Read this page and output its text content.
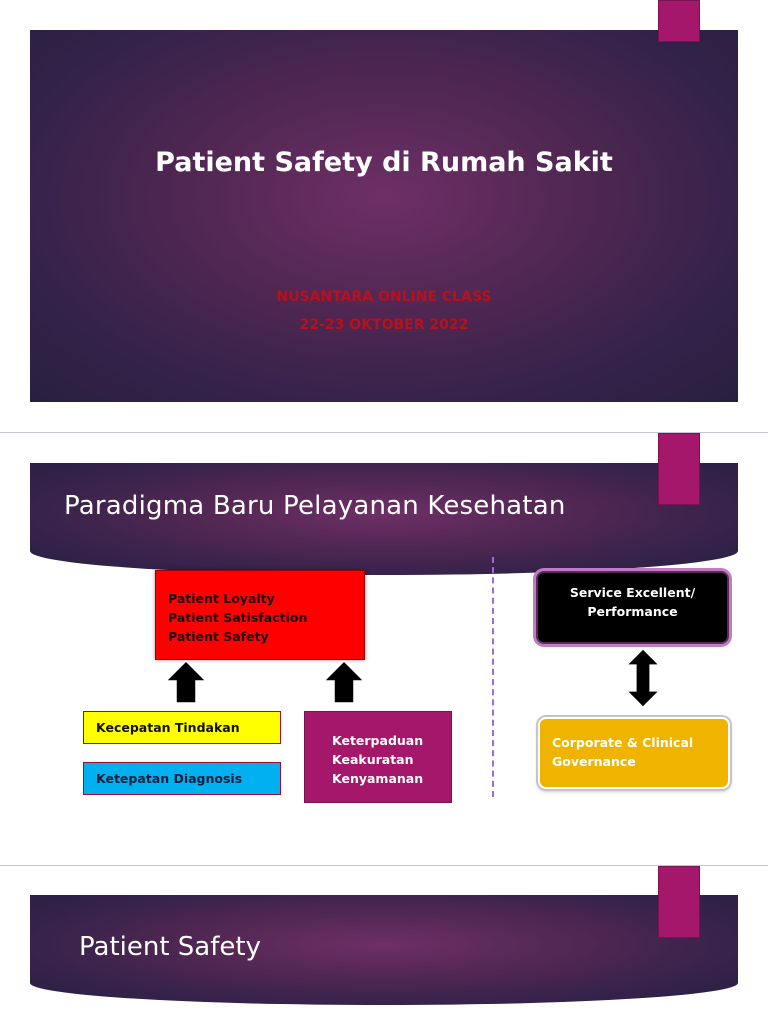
Patient Safety di Rumah Sakit
NUSANTARA ONLINE CLASS
22-23 OKTOBER 2022
Paradigma Baru Pelayanan Kesehatan
Patient Loyalty
Patient Satisfaction
Patient Safety
Kecepatan Tindakan
Ketepatan Diagnosis
Keterpaduan
Keakuratan
Kenyamanan
Service Excellent/
Performance
Corporate & Clinical
Governance
Patient Safety
